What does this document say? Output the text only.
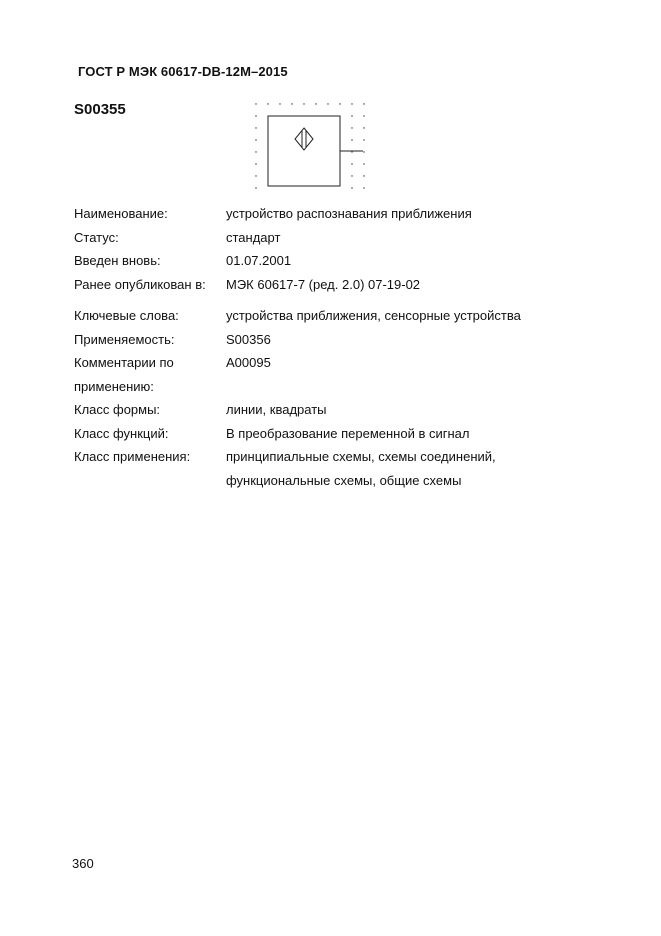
ГОСТ Р МЭК 60617-DB-12М–2015
S00355
Наименование:	устройство распознавания приближения
Статус:	стандарт
Введен вновь:	01.07.2001
Ранее опубликован в:	МЭК 60617-7 (ред. 2.0) 07-19-02
Ключевые слова:	устройства приближения, сенсорные устройства
Применяемость:	S00356
Комментарии по	A00095
применению:
Класс формы:	линии, квадраты
Класс функций:	B преобразование переменной в сигнал
Класс применения:	принципиальные схемы, схемы соединений,
функциональные схемы, общие схемы
360
